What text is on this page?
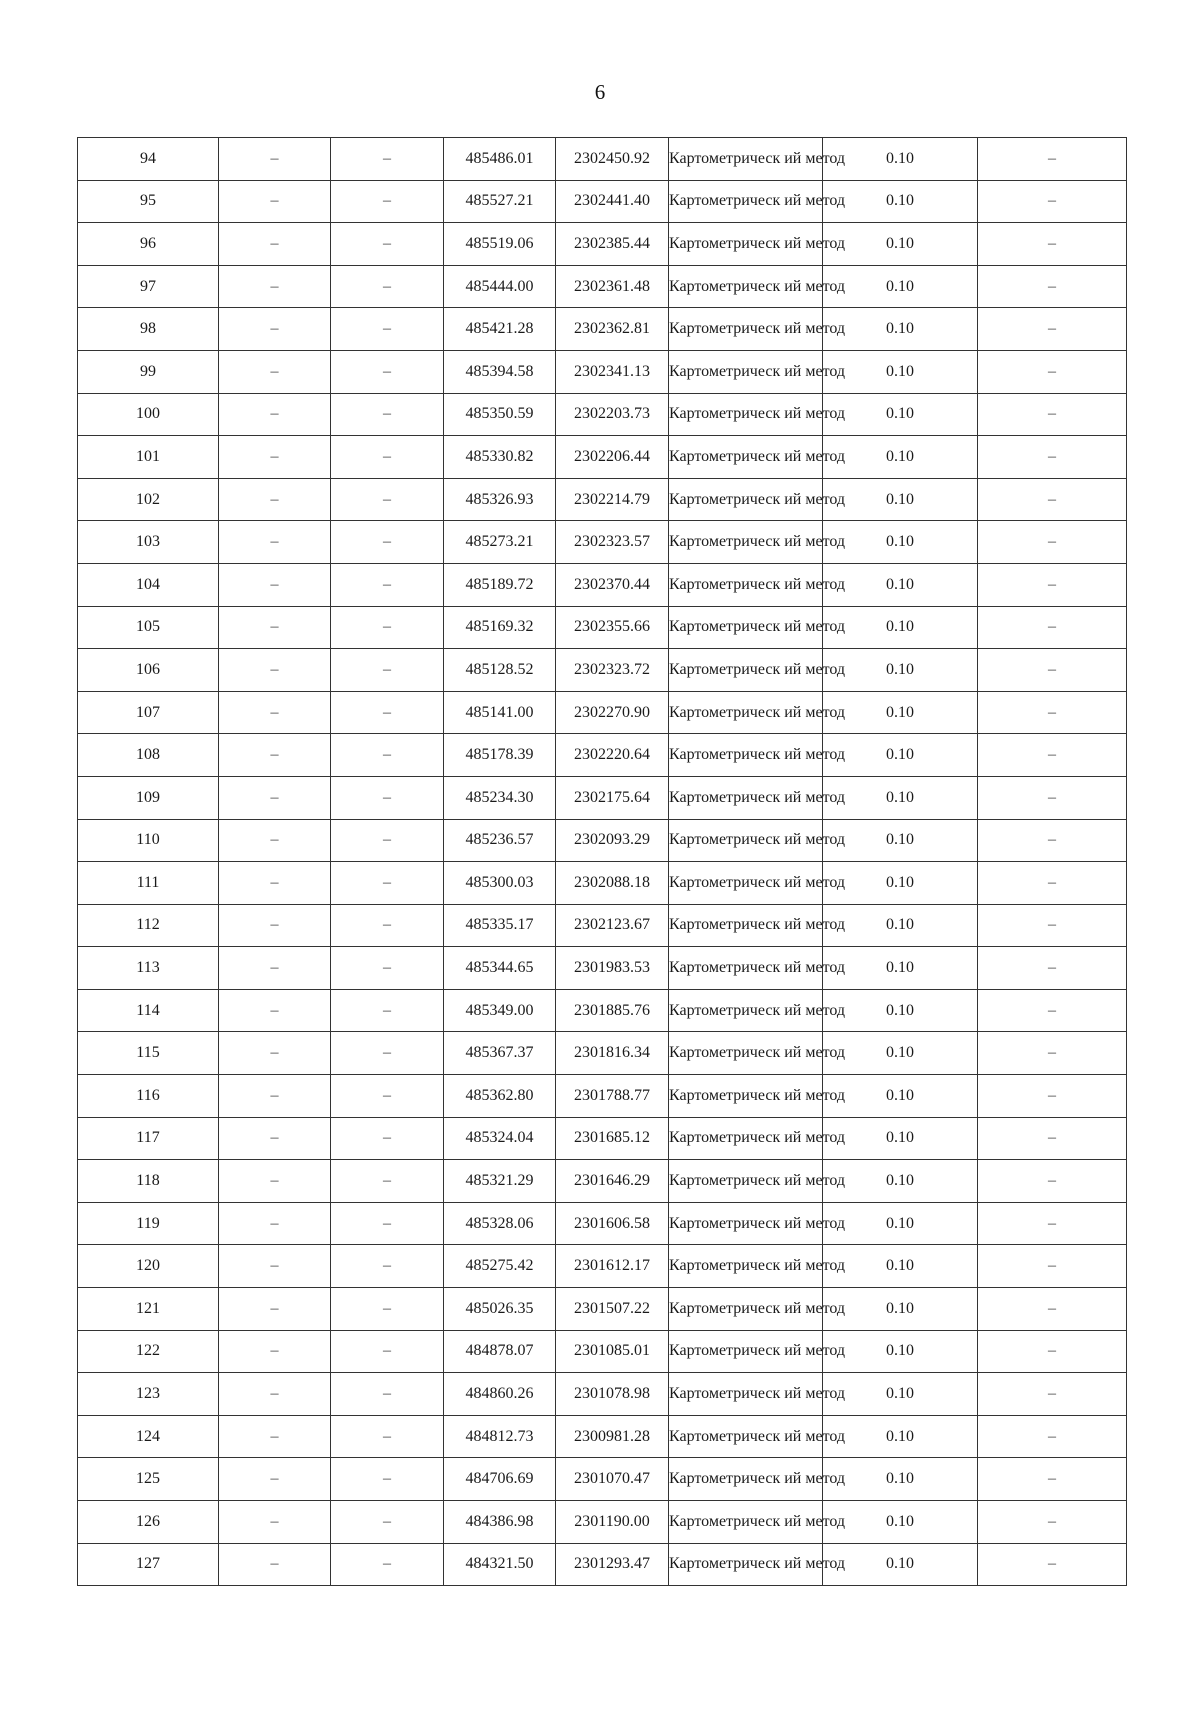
6
94	–	–	485486.01	2302450.92	Картометрическ ий метод	0.10	–
95	–	–	485527.21	2302441.40	Картометрическ ий метод	0.10	–
96	–	–	485519.06	2302385.44	Картометрическ ий метод	0.10	–
97	–	–	485444.00	2302361.48	Картометрическ ий метод	0.10	–
98	–	–	485421.28	2302362.81	Картометрическ ий метод	0.10	–
99	–	–	485394.58	2302341.13	Картометрическ ий метод	0.10	–
100	–	–	485350.59	2302203.73	Картометрическ ий метод	0.10	–
101	–	–	485330.82	2302206.44	Картометрическ ий метод	0.10	–
102	–	–	485326.93	2302214.79	Картометрическ ий метод	0.10	–
103	–	–	485273.21	2302323.57	Картометрическ ий метод	0.10	–
104	–	–	485189.72	2302370.44	Картометрическ ий метод	0.10	–
105	–	–	485169.32	2302355.66	Картометрическ ий метод	0.10	–
106	–	–	485128.52	2302323.72	Картометрическ ий метод	0.10	–
107	–	–	485141.00	2302270.90	Картометрическ ий метод	0.10	–
108	–	–	485178.39	2302220.64	Картометрическ ий метод	0.10	–
109	–	–	485234.30	2302175.64	Картометрическ ий метод	0.10	–
110	–	–	485236.57	2302093.29	Картометрическ ий метод	0.10	–
111	–	–	485300.03	2302088.18	Картометрическ ий метод	0.10	–
112	–	–	485335.17	2302123.67	Картометрическ ий метод	0.10	–
113	–	–	485344.65	2301983.53	Картометрическ ий метод	0.10	–
114	–	–	485349.00	2301885.76	Картометрическ ий метод	0.10	–
115	–	–	485367.37	2301816.34	Картометрическ ий метод	0.10	–
116	–	–	485362.80	2301788.77	Картометрическ ий метод	0.10	–
117	–	–	485324.04	2301685.12	Картометрическ ий метод	0.10	–
118	–	–	485321.29	2301646.29	Картометрическ ий метод	0.10	–
119	–	–	485328.06	2301606.58	Картометрическ ий метод	0.10	–
120	–	–	485275.42	2301612.17	Картометрическ ий метод	0.10	–
121	–	–	485026.35	2301507.22	Картометрическ ий метод	0.10	–
122	–	–	484878.07	2301085.01	Картометрическ ий метод	0.10	–
123	–	–	484860.26	2301078.98	Картометрическ ий метод	0.10	–
124	–	–	484812.73	2300981.28	Картометрическ ий метод	0.10	–
125	–	–	484706.69	2301070.47	Картометрическ ий метод	0.10	–
126	–	–	484386.98	2301190.00	Картометрическ ий метод	0.10	–
127	–	–	484321.50	2301293.47	Картометрическ ий метод	0.10	–
